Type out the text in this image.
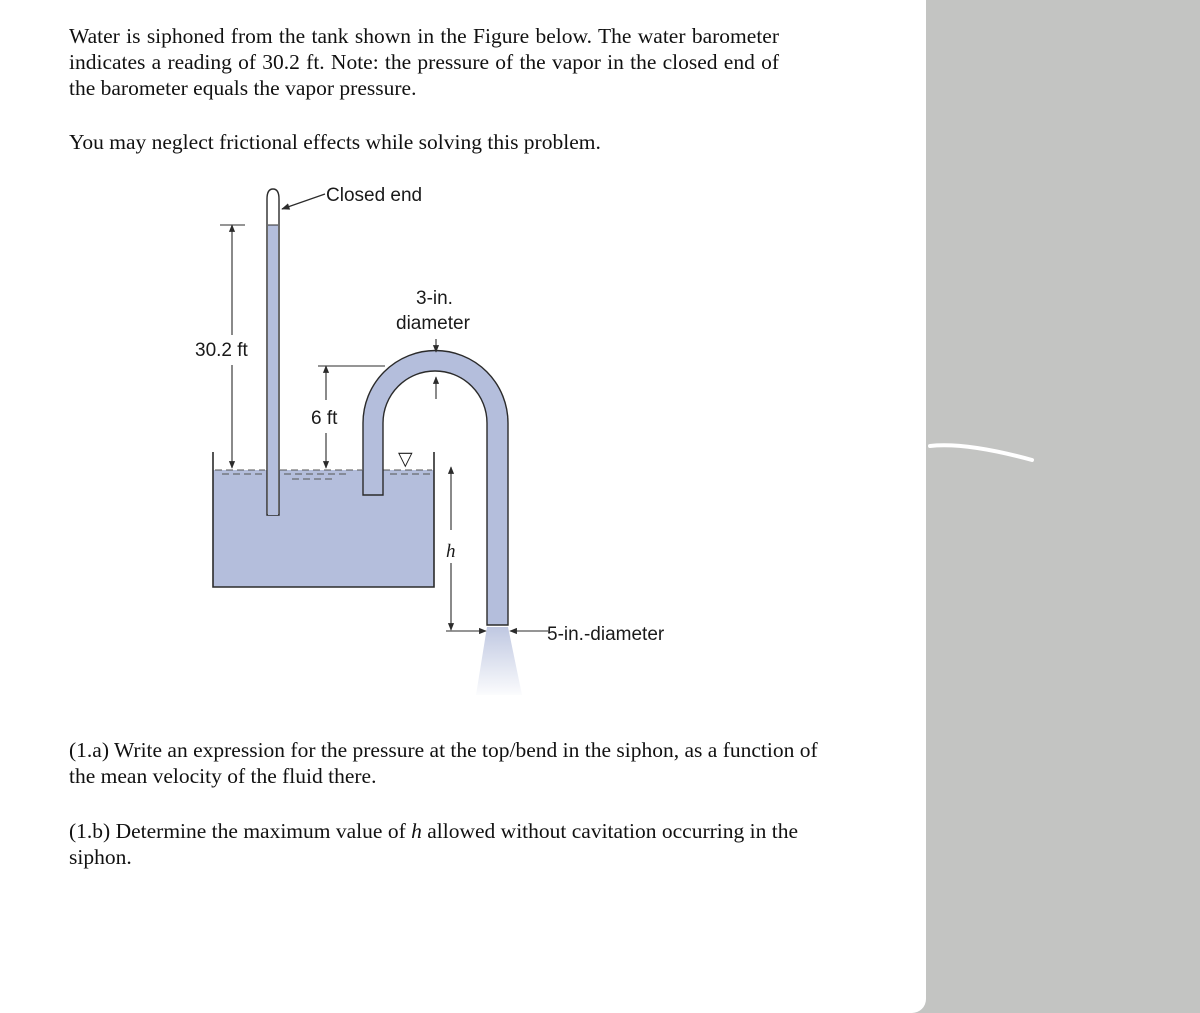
Water is siphoned from the tank shown in the Figure below. The water barometer indicates a reading of 30.2 ft. Note: the pressure of the vapor in the closed end of the barometer equals the vapor pressure.

You may neglect frictional effects while solving this problem.

Closed end
30.2 ft
6 ft
3-in.
diameter
▽
h
5-in.-diameter

(1.a) Write an expression for the pressure at the top/bend in the siphon, as a function of the mean velocity of the fluid there.

(1.b) Determine the maximum value of h allowed without cavitation occurring in the siphon.
